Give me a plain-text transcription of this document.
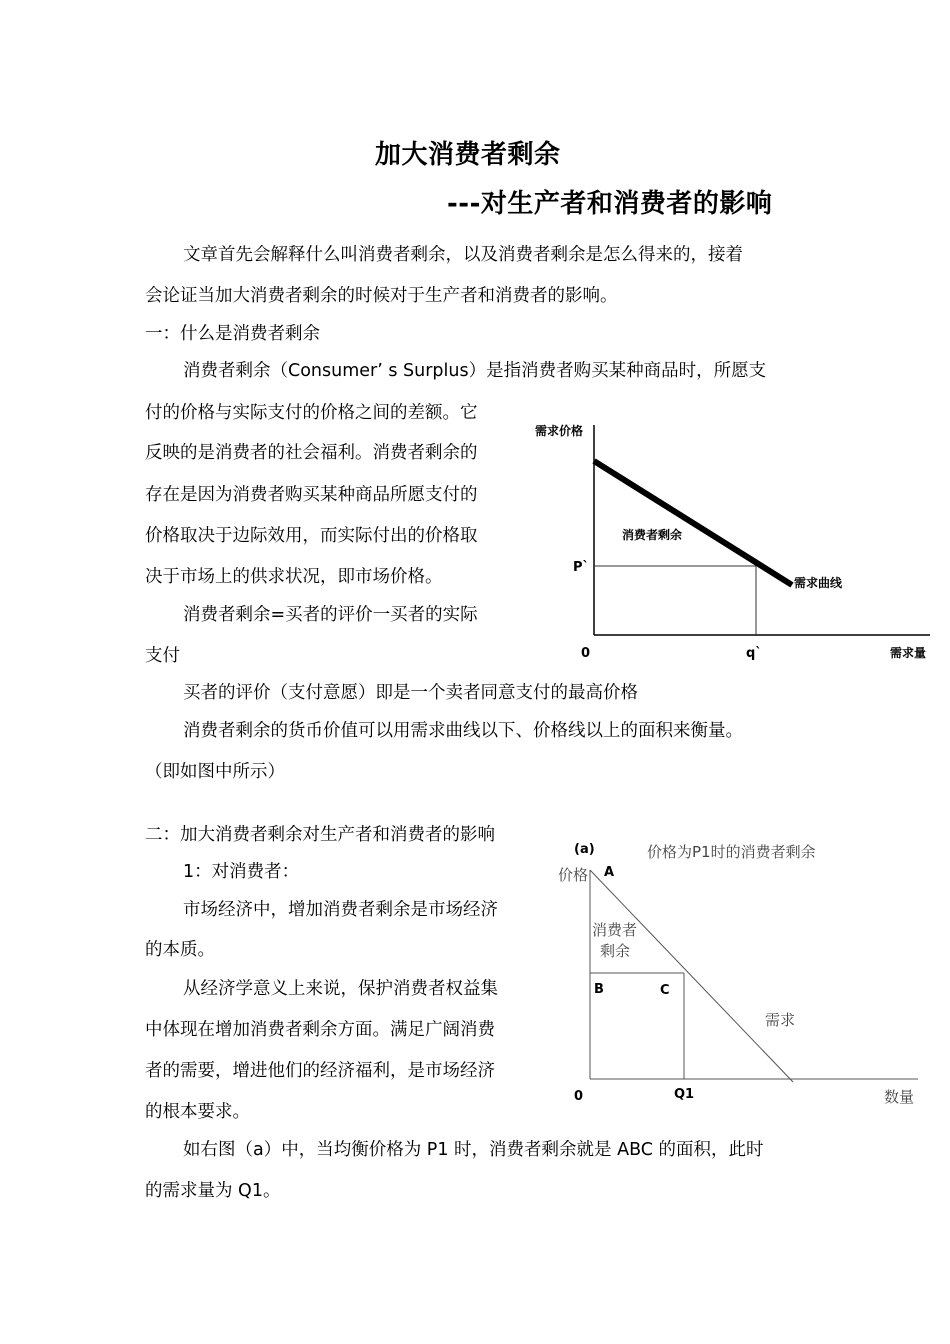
加大消费者剩余
---对生产者和消费者的影响
文章首先会解释什么叫消费者剩余，以及消费者剩余是怎么得来的，接着
会论证当加大消费者剩余的时候对于生产者和消费者的影响。
一：什么是消费者剩余
消费者剩余（Consumer’ s Surplus）是指消费者购买某种商品时，所愿支
付的价格与实际支付的价格之间的差额。它
反映的是消费者的社会福利。消费者剩余的
存在是因为消费者购买某种商品所愿支付的
价格取决于边际效用，而实际付出的价格取
决于市场上的供求状况，即市场价格。
消费者剩余=买者的评价一买者的实际
支付
买者的评价（支付意愿）即是一个卖者同意支付的最高价格
消费者剩余的货币价值可以用需求曲线以下、价格线以上的面积来衡量。
（即如图中所示）
二：加大消费者剩余对生产者和消费者的影响
1：对消费者：
市场经济中，增加消费者剩余是市场经济
的本质。
从经济学意义上来说，保护消费者权益集
中体现在增加消费者剩余方面。满足广阔消费
者的需要，增进他们的经济福利，是市场经济
的根本要求。
如右图（a）中，当均衡价格为 P1 时，消费者剩余就是 ABC 的面积，此时
的需求量为 Q1。
需求价格
消费者剩余
P`
需求曲线
0	q`	需求量
(a)	价格为P1时的消费者剩余
价格 A
消费者
剩余
B	C
需求
0	Q1	数量
